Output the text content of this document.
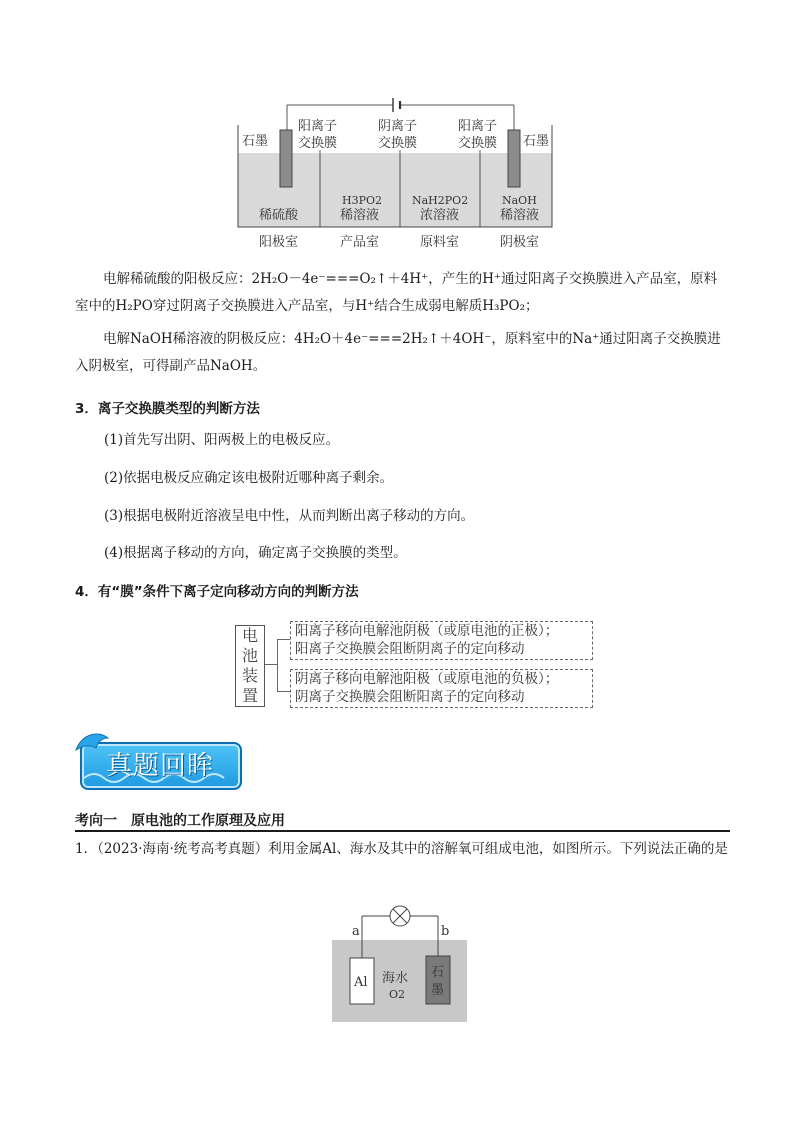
石墨	石墨
阳离子
交换膜
阴离子
交换膜
阳离子
交换膜
稀硫酸
H3PO2
稀溶液
NaH2PO2
浓溶液
NaOH
稀溶液
阳极室	产品室	原料室	阴极室
电解稀硫酸的阳极反应：2H₂O－4e⁻===O₂↑＋4H⁺，产生的H⁺通过阳离子交换膜进入产品室，原料室中的H₂PO穿过阴离子交换膜进入产品室，与H⁺结合生成弱电解质H₃PO₂；
电解NaOH稀溶液的阴极反应：4H₂O＋4e⁻===2H₂↑＋4OH⁻，原料室中的Na⁺通过阳离子交换膜进入阴极室，可得副产品NaOH。
3．离子交换膜类型的判断方法
(1)首先写出阴、阳两极上的电极反应。
(2)依据电极反应确定该电极附近哪种离子剩余。
(3)根据电极附近溶液呈电中性，从而判断出离子移动的方向。
(4)根据离子移动的方向，确定离子交换膜的类型。
4．有“膜”条件下离子定向移动方向的判断方法
电
池
装
置
阳离子移向电解池阴极（或原电池的正极）；
阳离子交换膜会阻断阴离子的定向移动
阴离子移向电解池阳极（或原电池的负极）；
阴离子交换膜会阻断阳离子的定向移动
真题回眸
考向一　原电池的工作原理及应用
1．（2023·海南·统考高考真题）利用金属Al、海水及其中的溶解氧可组成电池，如图所示。下列说法正确的是
a	b
Al 海水
O2
石
墨
